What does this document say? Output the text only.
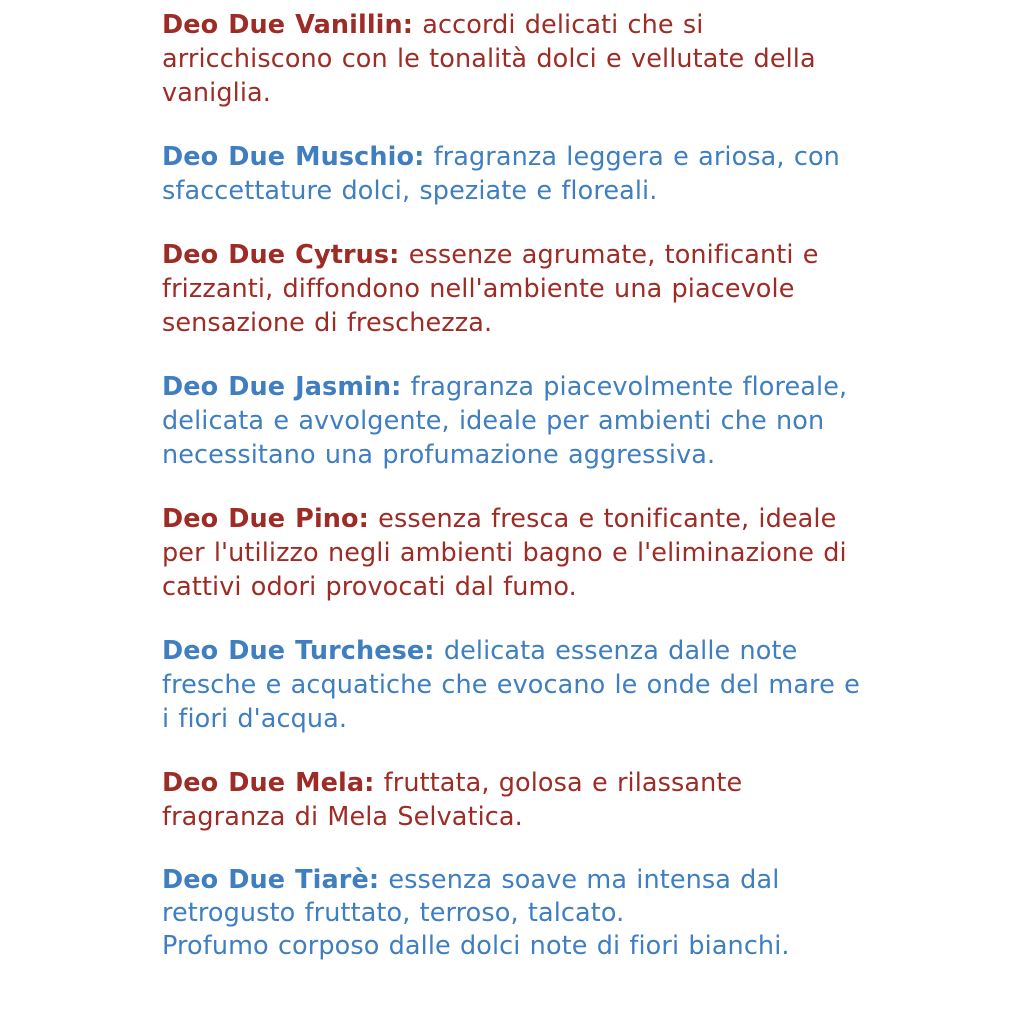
Deo Due Vanillin: accordi delicati che si arricchiscono con le tonalità dolci e vellutate della vaniglia.

Deo Due Muschio: fragranza leggera e ariosa, con sfaccettature dolci, speziate e floreali.

Deo Due Cytrus: essenze agrumate, tonificanti e frizzanti, diffondono nell'ambiente una piacevole sensazione di freschezza.

Deo Due Jasmin: fragranza piacevolmente floreale, delicata e avvolgente, ideale per ambienti che non necessitano una profumazione aggressiva.

Deo Due Pino: essenza fresca e tonificante, ideale per l'utilizzo negli ambienti bagno e l'eliminazione di cattivi odori provocati dal fumo.

Deo Due Turchese: delicata essenza dalle note fresche e acquatiche che evocano le onde del mare e i fiori d'acqua.

Deo Due Mela: fruttata, golosa e rilassante fragranza di Mela Selvatica.

Deo Due Tiarè: essenza soave ma intensa dal retrogusto fruttato, terroso, talcato.
Profumo corposo dalle dolci note di fiori bianchi.
